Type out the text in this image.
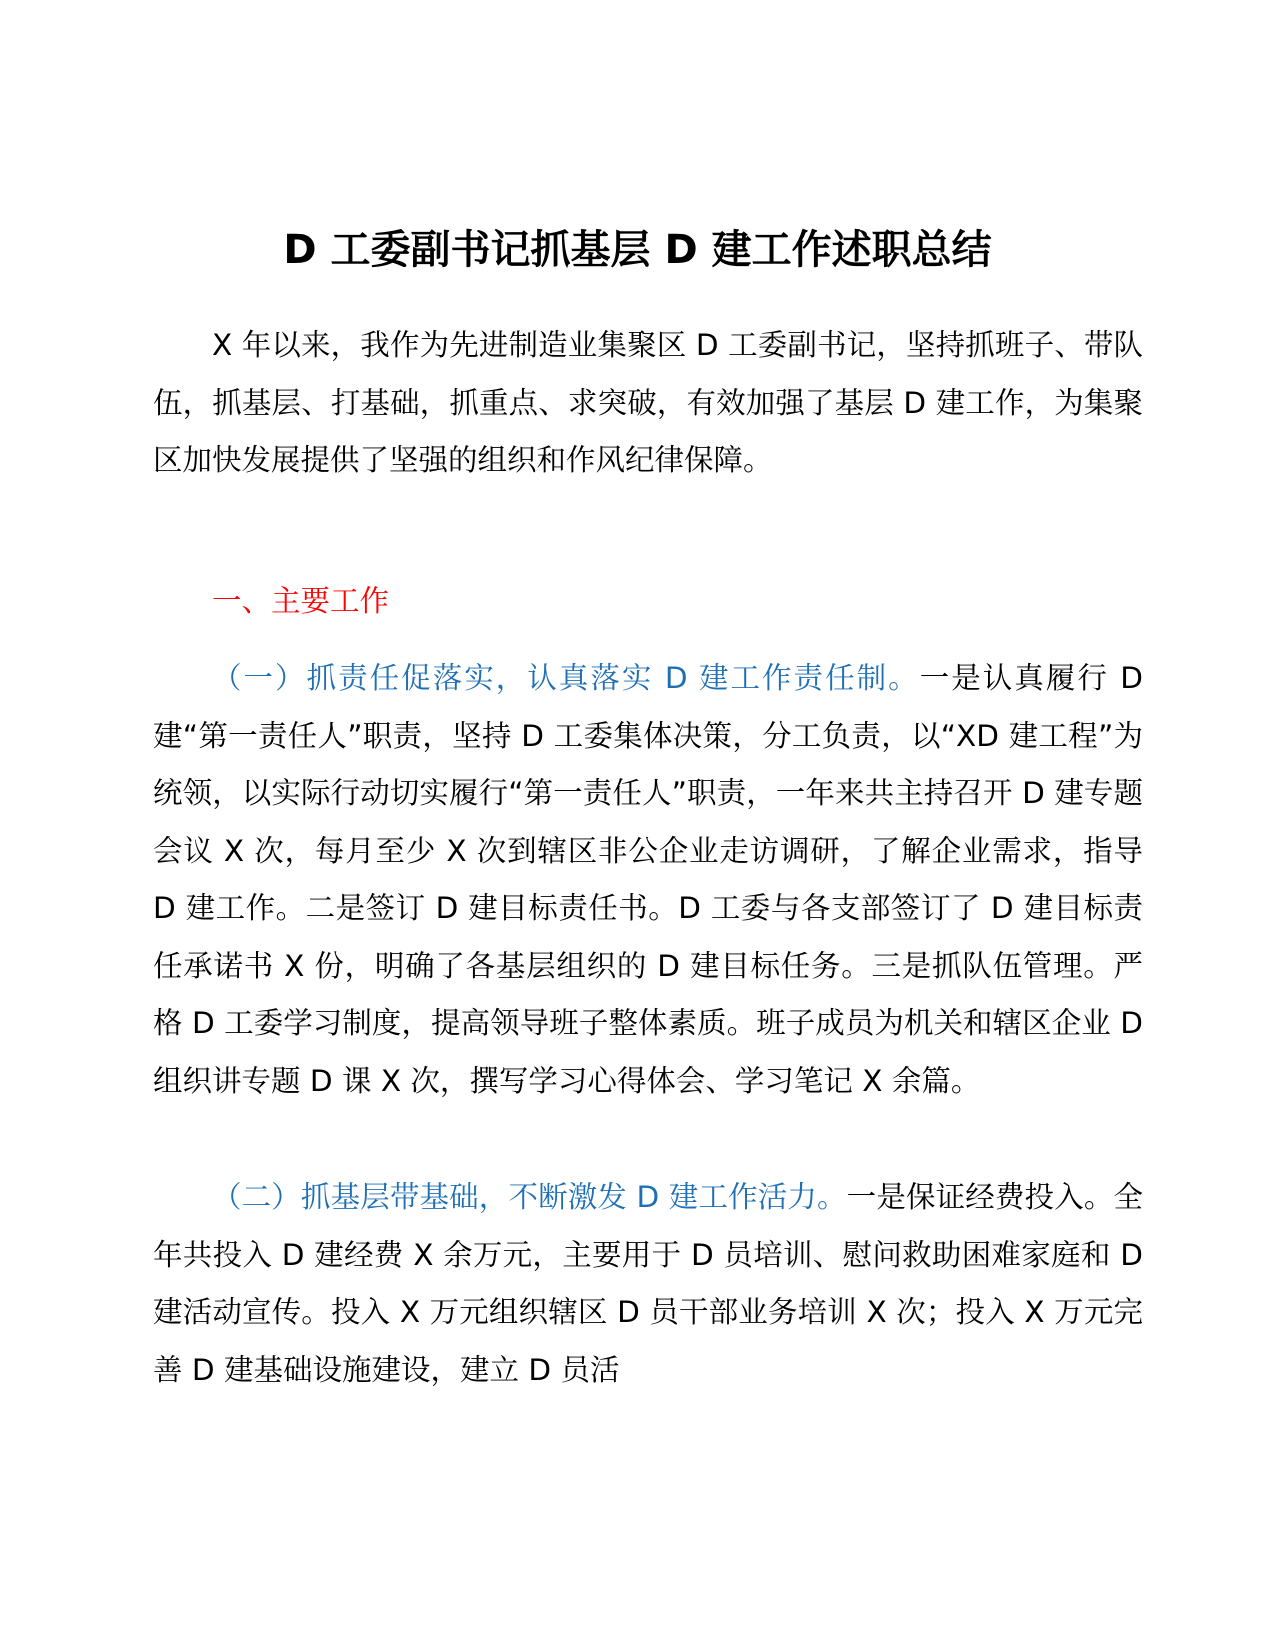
D 工委副书记抓基层 D 建工作述职总结

X 年以来，我作为先进制造业集聚区 D 工委副书记，坚持抓班子、带队伍，抓基层、打基础，抓重点、求突破，有效加强了基层 D 建工作，为集聚区加快发展提供了坚强的组织和作风纪律保障。

一、主要工作

（一）抓责任促落实，认真落实 D 建工作责任制。一是认真履行 D 建“第一责任人”职责，坚持 D 工委集体决策，分工负责，以“XD 建工程”为统领，以实际行动切实履行“第一责任人”职责，一年来共主持召开 D 建专题会议 X 次，每月至少 X 次到辖区非公企业走访调研，了解企业需求，指导 D 建工作。二是签订 D 建目标责任书。D 工委与各支部签订了 D 建目标责任承诺书 X 份，明确了各基层组织的 D 建目标任务。三是抓队伍管理。严格 D 工委学习制度，提高领导班子整体素质。班子成员为机关和辖区企业 D 组织讲专题 D 课 X 次，撰写学习心得体会、学习笔记 X 余篇。

（二）抓基层带基础，不断激发 D 建工作活力。一是保证经费投入。全年共投入 D 建经费 X 余万元，主要用于 D 员培训、慰问救助困难家庭和 D 建活动宣传。投入 X 万元组织辖区 D 员干部业务培训 X 次；投入 X 万元完善 D 建基础设施建设，建立 D 员活
